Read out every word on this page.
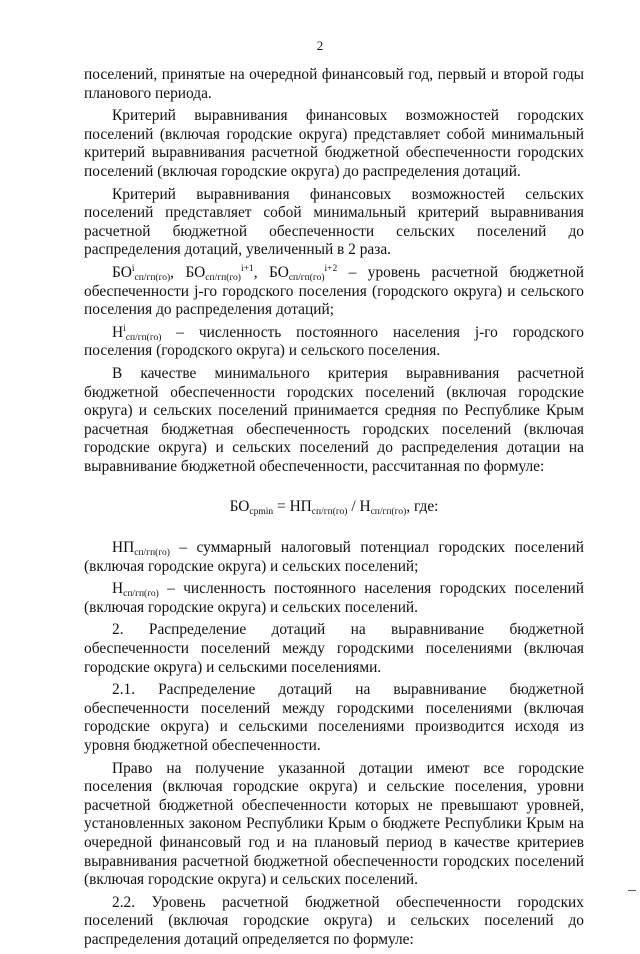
2

поселений, принятые на очередной финансовый год, первый и второй годы планового периода.

Критерий выравнивания финансовых возможностей городских поселений (включая городские округа) представляет собой минимальный критерий выравнивания расчетной бюджетной обеспеченности городских поселений (включая городские округа) до распределения дотаций.

Критерий выравнивания финансовых возможностей сельских поселений представляет собой минимальный критерий выравнивания расчетной бюджетной обеспеченности сельских поселений до распределения дотаций, увеличенный в 2 раза.

$БО^i_{сп/гп(го)}$, $БО_{сп/гп(го)}^{i+1}$, $БО_{сп/гп(го)}^{i+2}$ – уровень расчетной бюджетной обеспеченности j-го городского поселения (городского округа) и сельского поселения до распределения дотаций;

$Н^i_{сп/гп(го)}$ – численность постоянного населения j-го городского поселения (городского округа) и сельского поселения.

В качестве минимального критерия выравнивания расчетной бюджетной обеспеченности городских поселений (включая городские округа) и сельских поселений принимается средняя по Республике Крым расчетная бюджетная обеспеченность городских поселений (включая городские округа) и сельских поселений до распределения дотации на выравнивание бюджетной обеспеченности, рассчитанная по формуле:

$БО_{срmin} = НП_{сп/гп(го)} / Н_{сп/гп(го)}$, где:

$НП_{сп/гп(го)}$ – суммарный налоговый потенциал городских поселений (включая городские округа) и сельских поселений;

$Н_{сп/гп(го)}$ – численность постоянного населения городских поселений (включая городские округа) и сельских поселений.

2. Распределение дотаций на выравнивание бюджетной обеспеченности поселений между городскими поселениями (включая городские округа) и сельскими поселениями.

2.1. Распределение дотаций на выравнивание бюджетной обеспеченности поселений между городскими поселениями (включая городские округа) и сельскими поселениями производится исходя из уровня бюджетной обеспеченности.

Право на получение указанной дотации имеют все городские поселения (включая городские округа) и сельские поселения, уровни расчетной бюджетной обеспеченности которых не превышают уровней, установленных законом Республики Крым о бюджете Республики Крым на очередной финансовый год и на плановый период в качестве критериев выравнивания расчетной бюджетной обеспеченности городских поселений (включая городские округа) и сельских поселений.

2.2. Уровень расчетной бюджетной обеспеченности городских поселений (включая городские округа) и сельских поселений до распределения дотаций определяется по формуле:
